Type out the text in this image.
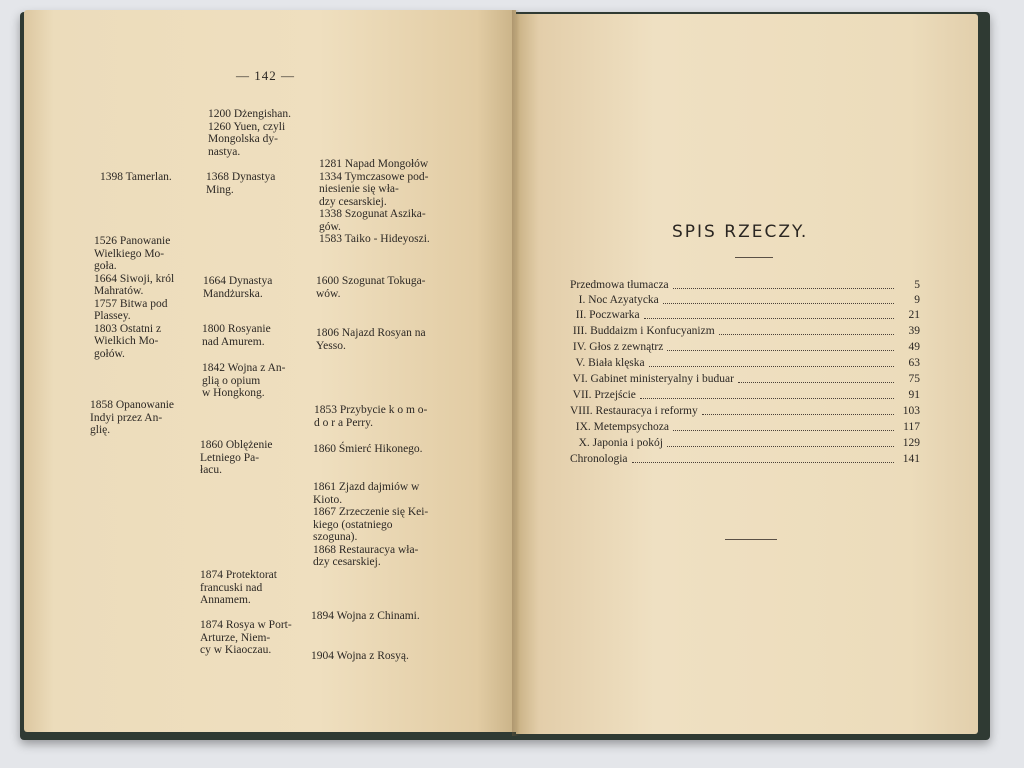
— 142 —
1398 Tamerlan.
1526 Panowanie
Wielkiego Mo-
goła.
1664 Siwoji, król
Mahratów.
1757 Bitwa pod
Plassey.
1803 Ostatni z
Wielkich Mo-
gołów.
1858 Opanowanie
Indyi przez An-
glię.
1200 Dżengishan.
1260 Yuen, czyli
Mongolska dy-
nastya.
1368 Dynastya
Ming.
1664 Dynastya
Mandżurska.
1800 Rosyanie
nad Amurem.
1842 Wojna z An-
glią o opium
w Hongkong.
1860 Oblężenie
Letniego Pa-
łacu.
1874 Protektorat
francuski nad
Annamem.
1874 Rosya w Port-
Arturze, Niem-
cy w Kiaoczau.
1281 Napad Mongołów
1334 Tymczasowe pod-
niesienie się wła-
dzy cesarskiej.
1338 Szogunat Aszika-
gów.
1583 Taiko - Hideyoszi.
1600 Szogunat Tokuga-
wów.
1806 Najazd Rosyan na
Yesso.
1853 Przybycie k o m o-
d o r a Perry.
1860 Śmierć Hikonego.
1861 Zjazd dajmiów w
Kioto.
1867 Zrzeczenie się Kei-
kiego (ostatniego
szoguna).
1868 Restauracya wła-
dzy cesarskiej.
1894 Wojna z Chinami.
1904 Wojna z Rosyą.
SPIS RZECZY.
Przedmowa tłumacza	5
I. Noc Azyatycka	9
II. Poczwarka	21
III. Buddaizm i Konfucyanizm	39
IV. Głos z zewnątrz	49
V. Biała klęska	63
VI. Gabinet ministeryalny i buduar	75
VII. Przejście	91
VIII. Restauracya i reformy	103
IX. Metempsychoza	117
X. Japonia i pokój	129
Chronologia	141
